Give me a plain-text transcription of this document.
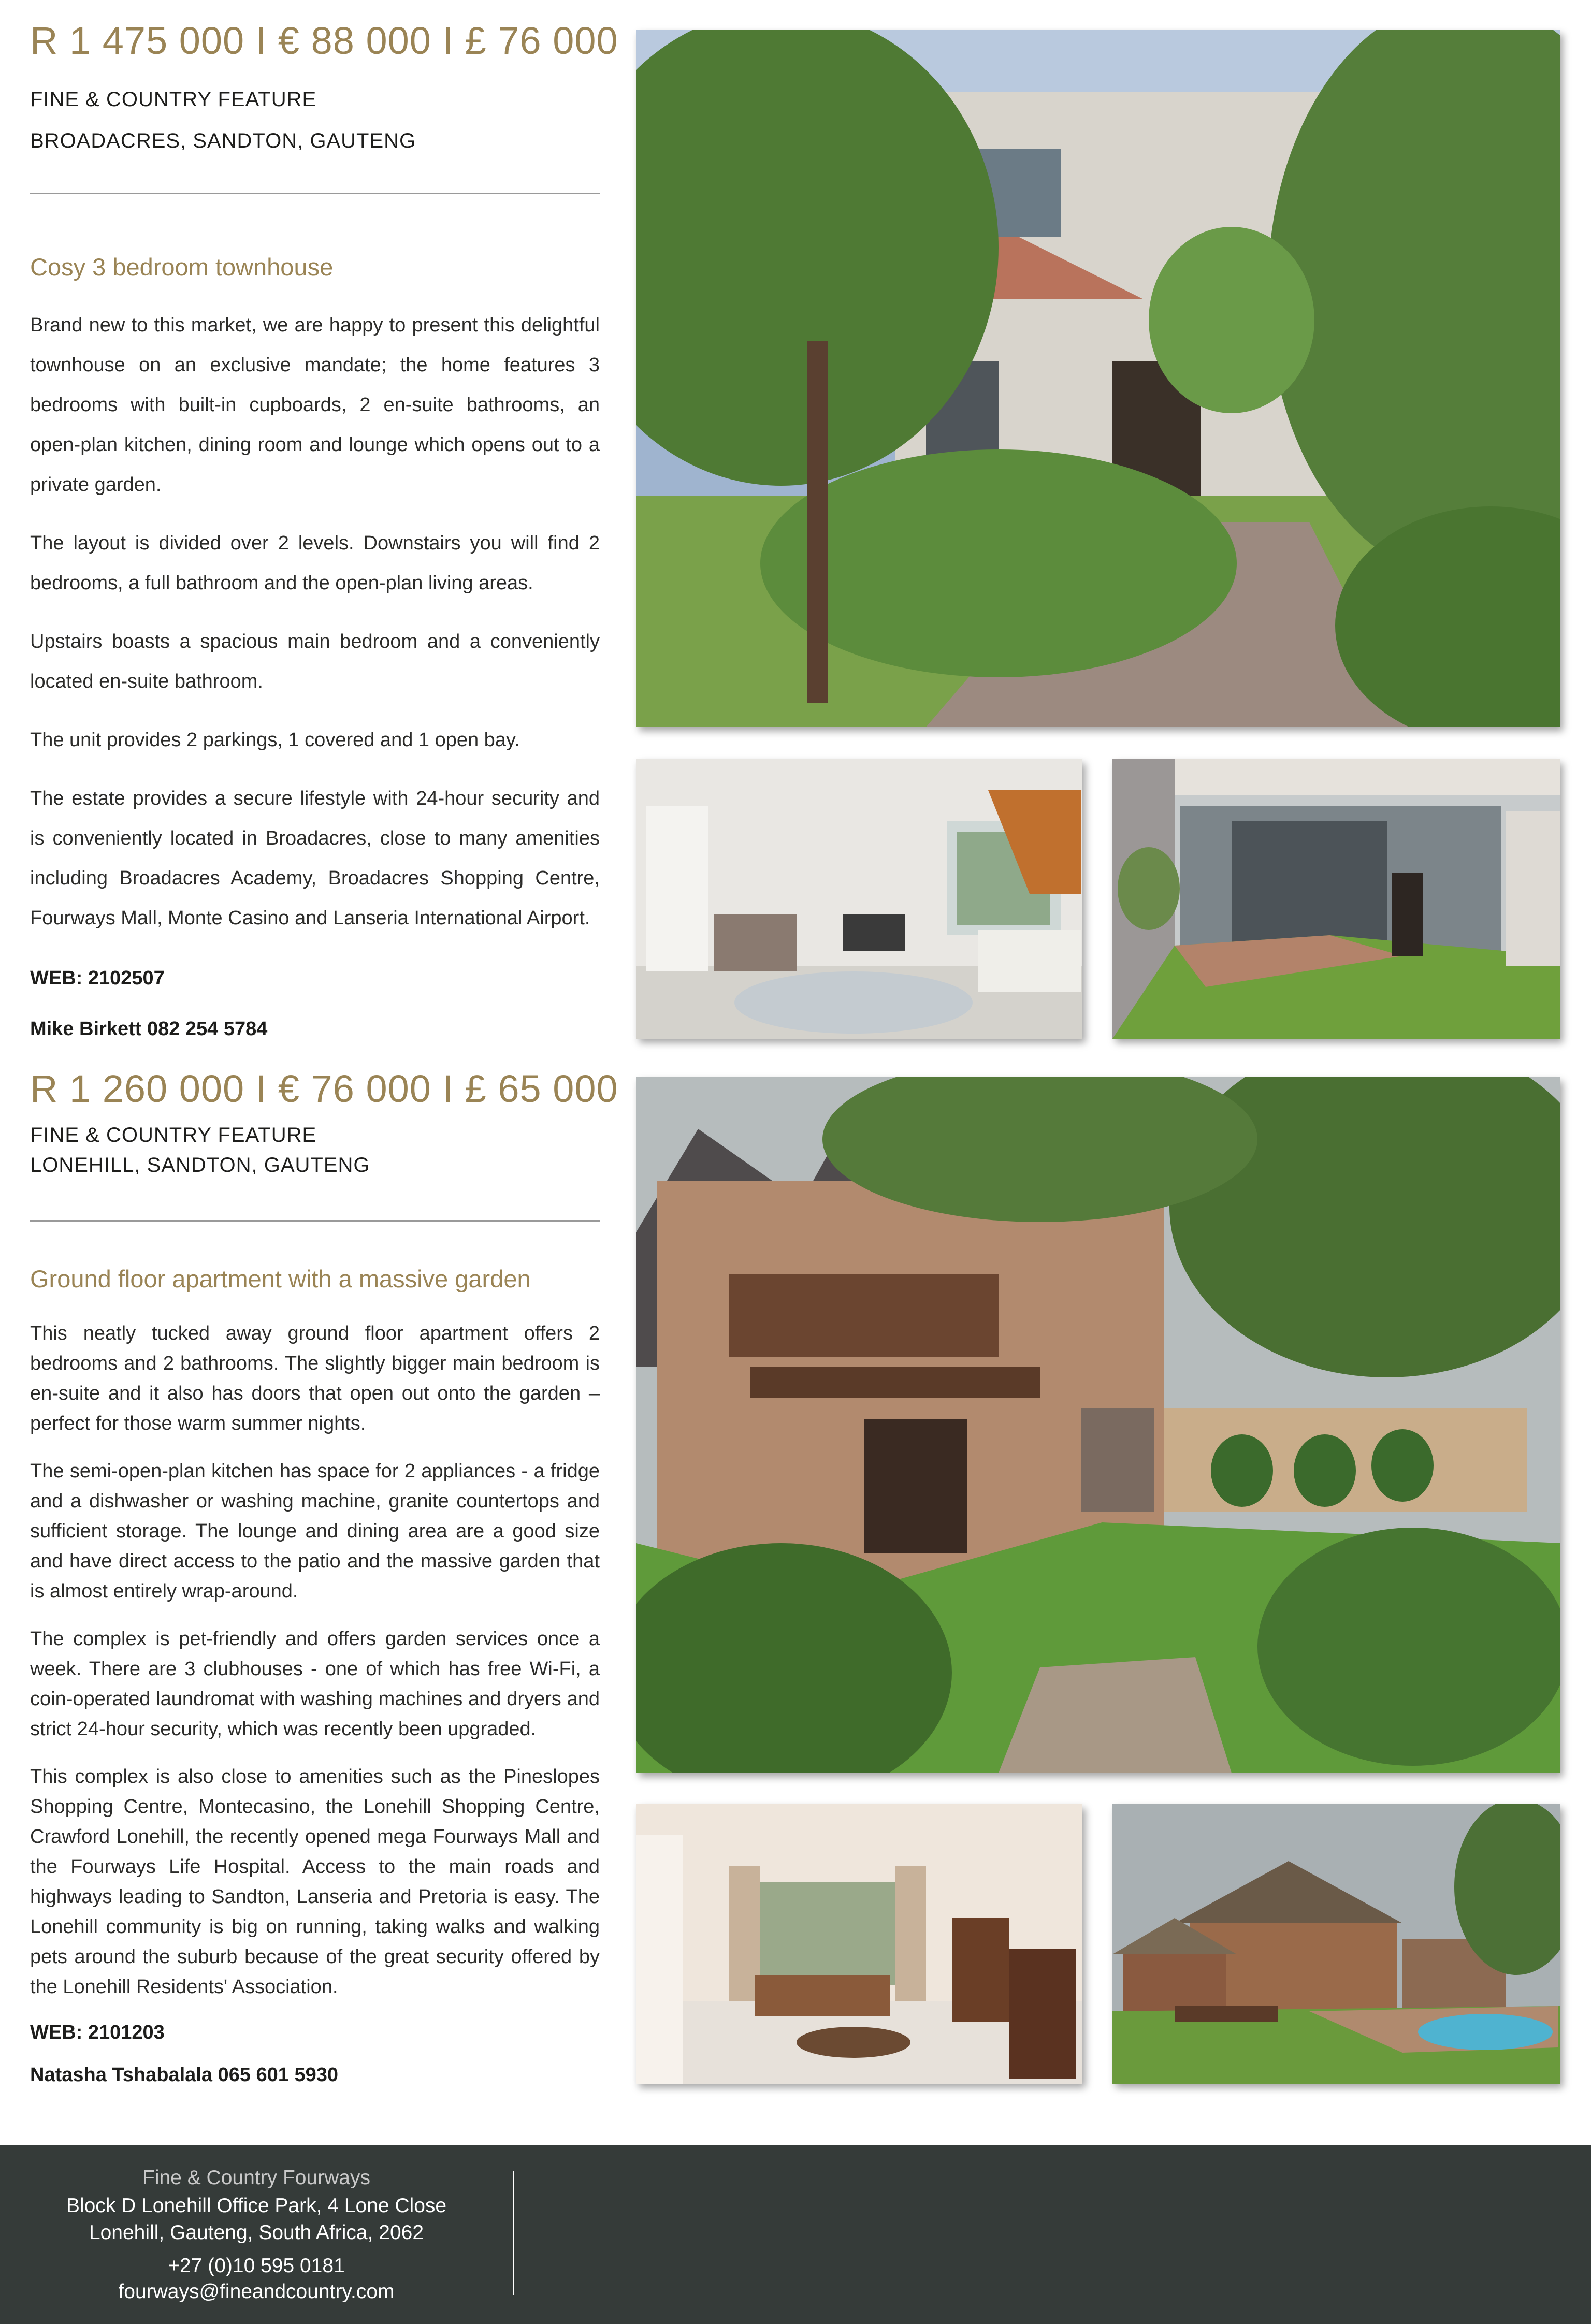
R 1 475 000 I € 88 000 I £ 76 000
FINE & COUNTRY FEATURE
BROADACRES, SANDTON, GAUTENG
Cosy 3 bedroom townhouse

Brand new to this market, we are happy to present this delightful townhouse on an exclusive mandate; the home features 3 bedrooms with built-in cupboards, 2 en-suite bathrooms, an open-plan kitchen, dining room and lounge which opens out to a private garden.

The layout is divided over 2 levels. Downstairs you will find 2 bedrooms, a full bathroom and the open-plan living areas.

Upstairs boasts a spacious main bedroom and a conveniently located en-suite bathroom.

The unit provides 2 parkings, 1 covered and 1 open bay.

The estate provides a secure lifestyle with 24-hour security and is conveniently located in Broadacres, close to many amenities including Broadacres Academy, Broadacres Shopping Centre, Fourways Mall, Monte Casino and Lanseria International Airport.

WEB: 2102507
Mike Birkett 082 254 5784
R 1 260 000 I € 76 000 I £ 65 000
FINE & COUNTRY FEATURE
LONEHILL, SANDTON, GAUTENG
Ground floor apartment with a massive garden

This neatly tucked away ground floor apartment offers 2 bedrooms and 2 bathrooms. The slightly bigger main bedroom is en-suite and it also has doors that open out onto the garden – perfect for those warm summer nights.

The semi-open-plan kitchen has space for 2 appliances - a fridge and a dishwasher or washing machine, granite countertops and sufficient storage. The lounge and dining area are a good size and have direct access to the patio and the massive garden that is almost entirely wrap-around.

The complex is pet-friendly and offers garden services once a week. There are 3 clubhouses - one of which has free Wi-Fi, a coin-operated laundromat with washing machines and dryers and strict 24-hour security, which was recently been upgraded.

This complex is also close to amenities such as the Pineslopes Shopping Centre, Montecasino, the Lonehill Shopping Centre, Crawford Lonehill, the recently opened mega Fourways Mall and the Fourways Life Hospital. Access to the main roads and highways leading to Sandton, Lanseria and Pretoria is easy. The Lonehill community is big on running, taking walks and walking pets around the suburb because of the great security offered by the Lonehill Residents' Association.

WEB: 2101203
Natasha Tshabalala 065 601 5930
Fine & Country Fourways
Block D Lonehill Office Park, 4 Lone Close
Lonehill, Gauteng, South Africa, 2062
+27 (0)10 595 0181
fourways@fineandcountry.com
